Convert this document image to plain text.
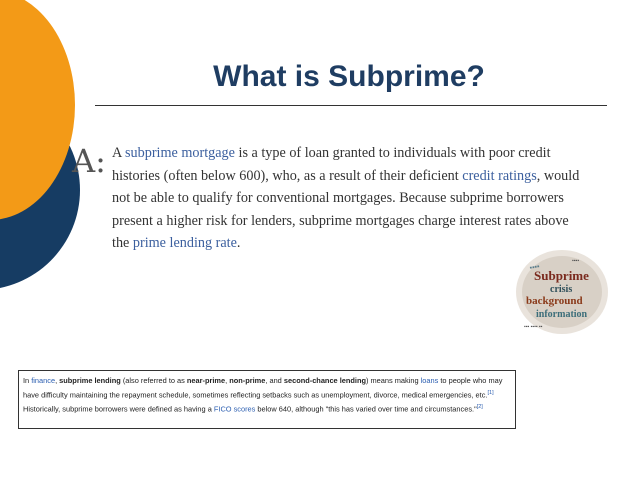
What is Subprime?
A: A subprime mortgage is a type of loan granted to individuals with poor credit histories (often below 600), who, as a result of their deficient credit ratings, would not be able to qualify for conventional mortgages. Because subprime borrowers present a higher risk for lenders, subprime mortgages charge interest rates above the prime lending rate.
▪▪▪▪
Subprime
crisis
background
information
▪▪▪ ▪▪▪▪ ▪▪
▪▪▪▪
In finance, subprime lending (also referred to as near-prime, non-prime, and second-chance lending) means making loans to people who may have difficulty maintaining the repayment schedule, sometimes reflecting setbacks such as unemployment, divorce, medical emergencies, etc.[1] Historically, subprime borrowers were defined as having a FICO scores below 640, although "this has varied over time and circumstances."[2]
